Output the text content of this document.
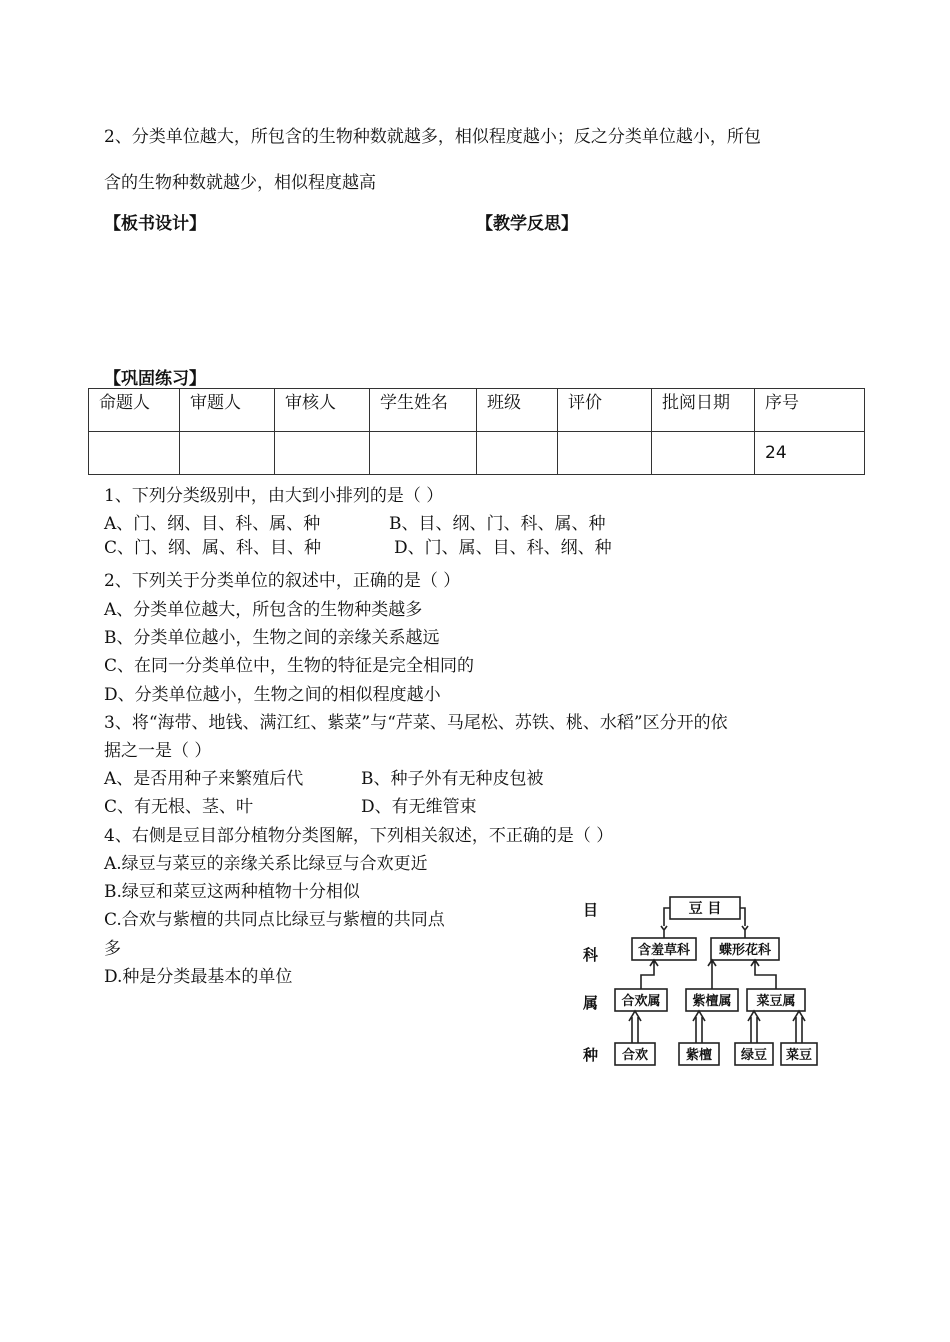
2、分类单位越大，所包含的生物种数就越多，相似程度越小；反之分类单位越小，所包
含的生物种数就越少，相似程度越高
【板书设计】	【教学反思】
【巩固练习】
命题人	审题人	审核人	学生姓名	班级	评价	批阅日期	序号
							24
1、下列分类级别中，由大到小排列的是（ ）
A、门、纲、目、科、属、种	B、目、纲、门、科、属、种
C、门、纲、属、科、目、种	D、门、属、目、科、纲、种
2、下列关于分类单位的叙述中，正确的是（ ）
A、分类单位越大，所包含的生物种类越多
B、分类单位越小，生物之间的亲缘关系越远
C、在同一分类单位中，生物的特征是完全相同的
D、分类单位越小，生物之间的相似程度越小
3、将“海带、地钱、满江红、紫菜”与“芹菜、马尾松、苏铁、桃、水稻”区分开的依
据之一是（ ）
A、是否用种子来繁殖后代	B、种子外有无种皮包被
C、有无根、茎、叶	D、有无维管束
4、右侧是豆目部分植物分类图解，下列相关叙述，不正确的是（ ）
A.绿豆与菜豆的亲缘关系比绿豆与合欢更近
B.绿豆和菜豆这两种植物十分相似
C.合欢与紫檀的共同点比绿豆与紫檀的共同点
多
D.种是分类最基本的单位
目
科
属
种
豆 目
含羞草科 蝶形花科
合欢属 紫檀属 菜豆属
合欢	紫檀 绿豆 菜豆
